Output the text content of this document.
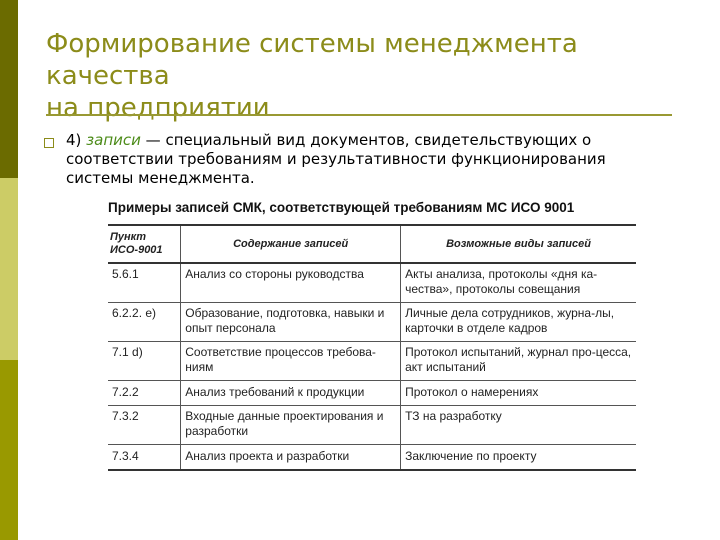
Формирование системы менеджмента
качества
на предприятии
4) записи — специальный вид документов, свидетельствующих о соответствии требованиям и результативности функционирования системы менеджмента.
Примеры записей СМК, соответствующей требованиям МС ИСО 9001
Пункт ИСО-9001	Содержание записей	Возможные виды записей
5.6.1	Анализ со стороны руководства	Акты анализа, протоколы «дня ка-чества», протоколы совещания
6.2.2. е)	Образование, подготовка, навыки и опыт персонала	Личные дела сотрудников, журна-лы, карточки в отделе кадров
7.1 d)	Соответствие процессов требова-ниям	Протокол испытаний, журнал про-цесса, акт испытаний
7.2.2	Анализ требований к продукции	Протокол о намерениях
7.3.2	Входные данные проектирования и разработки	ТЗ на разработку
7.3.4	Анализ проекта и разработки	Заключение по проекту
